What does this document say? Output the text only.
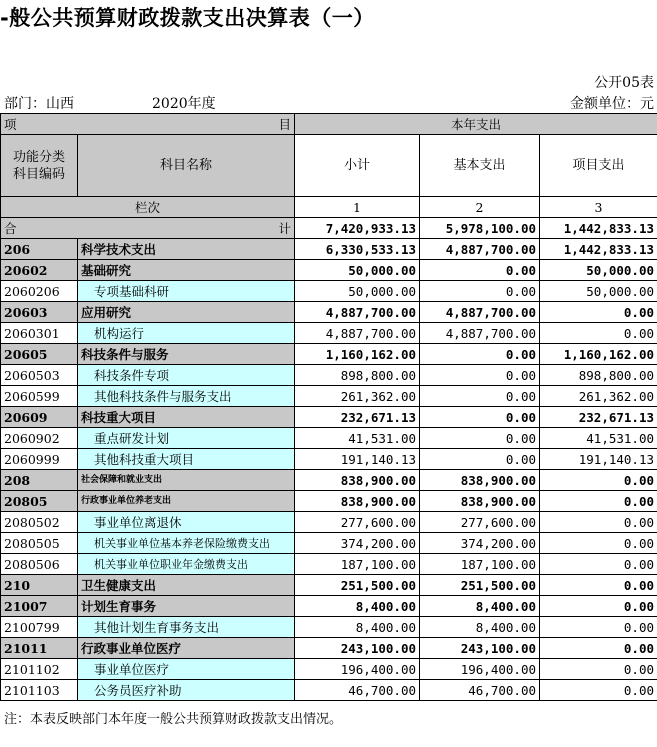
-般公共预算财政拨款支出决算表（一）
公开05表
部门：山西	2020年度	金额单位：元
项 目		本年支出		
功能分类
科目编码	科目名称	小计	基本支出	项目支出
栏次		1	2	3
合 计		7,420,933.13	5,978,100.00	1,442,833.13
206	科学技术支出	6,330,533.13	4,887,700.00	1,442,833.13
20602	基础研究	50,000.00	0.00	50,000.00
2060206	专项基础科研	50,000.00	0.00	50,000.00
20603	应用研究	4,887,700.00	4,887,700.00	0.00
2060301	机构运行	4,887,700.00	4,887,700.00	0.00
20605	科技条件与服务	1,160,162.00	0.00	1,160,162.00
2060503	科技条件专项	898,800.00	0.00	898,800.00
2060599	其他科技条件与服务支出	261,362.00	0.00	261,362.00
20609	科技重大项目	232,671.13	0.00	232,671.13
2060902	重点研发计划	41,531.00	0.00	41,531.00
2060999	其他科技重大项目	191,140.13	0.00	191,140.13
208	社会保障和就业支出	838,900.00	838,900.00	0.00
20805	行政事业单位养老支出	838,900.00	838,900.00	0.00
2080502	事业单位离退休	277,600.00	277,600.00	0.00
2080505	机关事业单位基本养老保险缴费支出	374,200.00	374,200.00	0.00
2080506	机关事业单位职业年金缴费支出	187,100.00	187,100.00	0.00
210	卫生健康支出	251,500.00	251,500.00	0.00
21007	计划生育事务	8,400.00	8,400.00	0.00
2100799	其他计划生育事务支出	8,400.00	8,400.00	0.00
21011	行政事业单位医疗	243,100.00	243,100.00	0.00
2101102	事业单位医疗	196,400.00	196,400.00	0.00
2101103	公务员医疗补助	46,700.00	46,700.00	0.00
注：本表反映部门本年度一般公共预算财政拨款支出情况。
